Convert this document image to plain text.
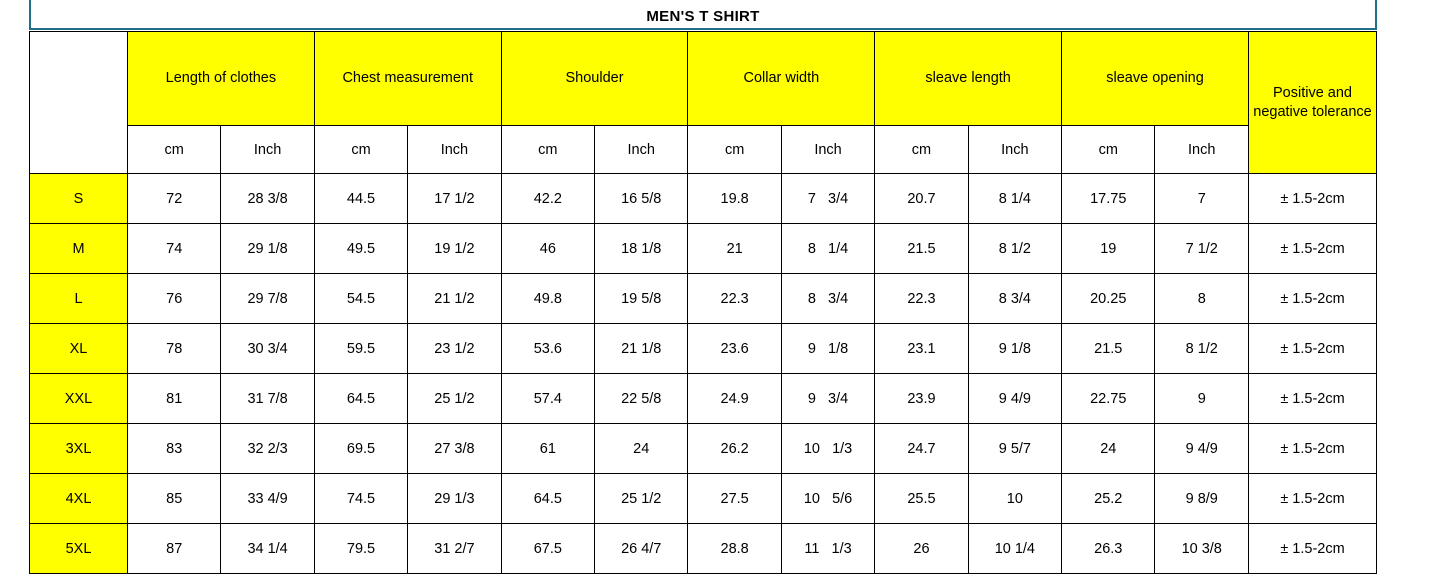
MEN'S T SHIRT
	Length of clothes		Chest measurement		Shoulder		Collar width		sleave length		sleave opening		Positive and negative tolerance
	cm	Inch	cm	Inch	cm	Inch	cm	Inch	cm	Inch	cm	Inch	
S	72	28 3/8	44.5	17 1/2	42.2	16 5/8	19.8	7   3/4	20.7	8 1/4	17.75	7	± 1.5-2cm
M	74	29 1/8	49.5	19 1/2	46	18 1/8	21	8   1/4	21.5	8 1/2	19	7 1/2	± 1.5-2cm
L	76	29 7/8	54.5	21 1/2	49.8	19 5/8	22.3	8   3/4	22.3	8 3/4	20.25	8	± 1.5-2cm
XL	78	30 3/4	59.5	23 1/2	53.6	21 1/8	23.6	9   1/8	23.1	9 1/8	21.5	8 1/2	± 1.5-2cm
XXL	81	31 7/8	64.5	25 1/2	57.4	22 5/8	24.9	9   3/4	23.9	9 4/9	22.75	9	± 1.5-2cm
3XL	83	32 2/3	69.5	27 3/8	61	24	26.2	10   1/3	24.7	9 5/7	24	9 4/9	± 1.5-2cm
4XL	85	33 4/9	74.5	29 1/3	64.5	25 1/2	27.5	10   5/6	25.5	10	25.2	9 8/9	± 1.5-2cm
5XL	87	34 1/4	79.5	31 2/7	67.5	26 4/7	28.8	11   1/3	26	10 1/4	26.3	10 3/8	± 1.5-2cm
